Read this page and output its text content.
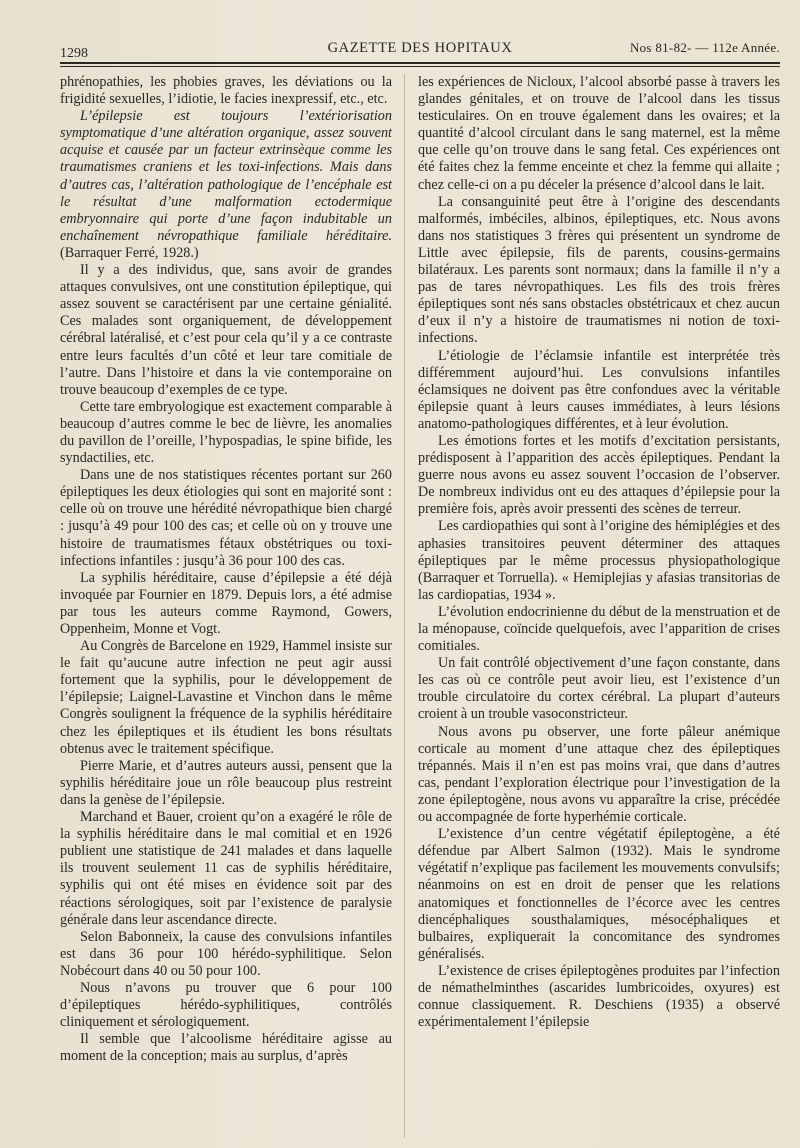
1298	GAZETTE DES HOPITAUX	Nos 81-82- — 112e Année.

phrénopathies, les phobies graves, les déviations ou la frigidité sexuelles, l’idiotie, le facies inexpressif, etc., etc.

L’épilepsie est toujours l’extériorisation symptomatique d’une altération organique, assez souvent acquise et causée par un facteur extrinsèque comme les traumatismes craniens et les toxi-infections. Mais dans d’autres cas, l’altération pathologique de l’encéphale est le résultat d’une malformation ectodermique embryonnaire qui porte d’une façon indubitable un enchaînement névropathique familiale héréditaire. (Barraquer Ferré, 1928.)

Il y a des individus, que, sans avoir de grandes attaques convulsives, ont une constitution épileptique, qui assez souvent se caractérisent par une certaine génialité. Ces malades sont organiquement, de développement cérébral latéralisé, et c’est pour cela qu’il y a ce contraste entre leurs facultés d’un côté et leur tare comitiale de l’autre. Dans l’histoire et dans la vie contemporaine on trouve beaucoup d’exemples de ce type.

Cette tare embryologique est exactement comparable à beaucoup d’autres comme le bec de lièvre, les anomalies du pavillon de l’oreille, l’hypospadias, le spine bifide, les syndactilies, etc.

Dans une de nos statistiques récentes portant sur 260 épileptiques les deux étiologies qui sont en majorité sont : celle où on trouve une hérédité névropathique bien chargé : jusqu’à 49 pour 100 des cas; et celle où on y trouve une histoire de traumatismes fétaux obstétriques ou toxi-infections infantiles : jusqu’à 36 pour 100 des cas.

La syphilis héréditaire, cause d’épilepsie a été déjà invoquée par Fournier en 1879. Depuis lors, a été admise par tous les auteurs comme Raymond, Gowers, Oppenheim, Monne et Vogt.

Au Congrès de Barcelone en 1929, Hammel insiste sur le fait qu’aucune autre infection ne peut agir aussi fortement que la syphilis, pour le développement de l’épilepsie; Laignel-Lavastine et Vinchon dans le même Congrès soulignent la fréquence de la syphilis héréditaire chez les épileptiques et ils étudient les bons résultats obtenus avec le traitement spécifique.

Pierre Marie, et d’autres auteurs aussi, pensent que la syphilis héréditaire joue un rôle beaucoup plus restreint dans la genèse de l’épilepsie.

Marchand et Bauer, croient qu’on a exagéré le rôle de la syphilis héréditaire dans le mal comitial et en 1926 publient une statistique de 241 malades et dans laquelle ils trouvent seulement 11 cas de syphilis héréditaire, syphilis qui ont été mises en évidence soit par des réactions sérologiques, soit par l’existence de paralysie générale dans leur ascendance directe.

Selon Babonneix, la cause des convulsions infantiles est dans 36 pour 100 hérédo-syphilitique. Selon Nobécourt dans 40 ou 50 pour 100.

Nous n’avons pu trouver que 6 pour 100 d’épileptiques hérédo-syphilitiques, contrôlés cliniquement et sérologiquement.

Il semble que l’alcoolisme héréditaire agisse au moment de la conception; mais au surplus, d’après

les expériences de Nicloux, l’alcool absorbé passe à travers les glandes génitales, et on trouve de l’alcool dans les tissus testiculaires. On en trouve également dans les ovaires; et la quantité d’alcool circulant dans le sang maternel, est la même que celle qu’on trouve dans le sang fetal. Ces expériences ont été faites chez la femme enceinte et chez la femme qui allaite ; chez celle-ci on a pu déceler la présence d’alcool dans le lait.

La consanguinité peut être à l’origine des descendants malformés, imbéciles, albinos, épileptiques, etc. Nous avons dans nos statistiques 3 frères qui présentent un syndrome de Little avec épilepsie, fils de parents, cousins-germains bilatéraux. Les parents sont normaux; dans la famille il n’y a pas de tares névropathiques. Les fils des trois frères épileptiques sont nés sans obstacles obstétricaux et chez aucun d’eux il n’y a histoire de traumatismes ni notion de toxi-infections.

L’étiologie de l’éclamsie infantile est interprétée très différemment aujourd’hui. Les convulsions infantiles éclamsiques ne doivent pas être confondues avec la véritable épilepsie quant à leurs causes immédiates, à leurs lésions anatomo-pathologiques différentes, et à leur évolution.

Les émotions fortes et les motifs d’excitation persistants, prédisposent à l’apparition des accès épileptiques. Pendant la guerre nous avons eu assez souvent l’occasion de l’observer. De nombreux individus ont eu des attaques d’épilepsie pour la première fois, après avoir pressenti des scènes de terreur.

Les cardiopathies qui sont à l’origine des hémiplégies et des aphasies transitoires peuvent déterminer des attaques épileptiques par le même processus physiopathologique (Barraquer et Torruella). « Hemiplejias y afasias transitorias de las cardiopatias, 1934 ».

L’évolution endocrinienne du début de la menstruation et de la ménopause, coïncide quelquefois, avec l’apparition de crises comitiales.

Un fait contrôlé objectivement d’une façon constante, dans les cas où ce contrôle peut avoir lieu, est l’existence d’un trouble circulatoire du cortex cérébral. La plupart d’auteurs croient à un trouble vasoconstricteur.

Nous avons pu observer, une forte pâleur anémique corticale au moment d’une attaque chez des épileptiques trépannés. Mais il n’en est pas moins vrai, que dans d’autres cas, pendant l’exploration électrique pour l’investigation de la zone épileptogène, nous avons vu apparaître la crise, précédée ou accompagnée de forte hyperhémie corticale.

L’existence d’un centre végétatif épileptogène, a été défendue par Albert Salmon (1932). Mais le syndrome végétatif n’explique pas facilement les mouvements convulsifs; néanmoins on est en droit de penser que les relations anatomiques et fonctionnelles de l’écorce avec les centres diencéphaliques sousthalamiques, mésocéphaliques et bulbaires, expliquerait la concomitance des syndromes généralisés.

L’existence de crises épileptogènes produites par l’infection de némathelminthes (ascarides lumbricoides, oxyures) est connue classiquement. R. Deschiens (1935) a observé expérimentalement l’épilepsie
